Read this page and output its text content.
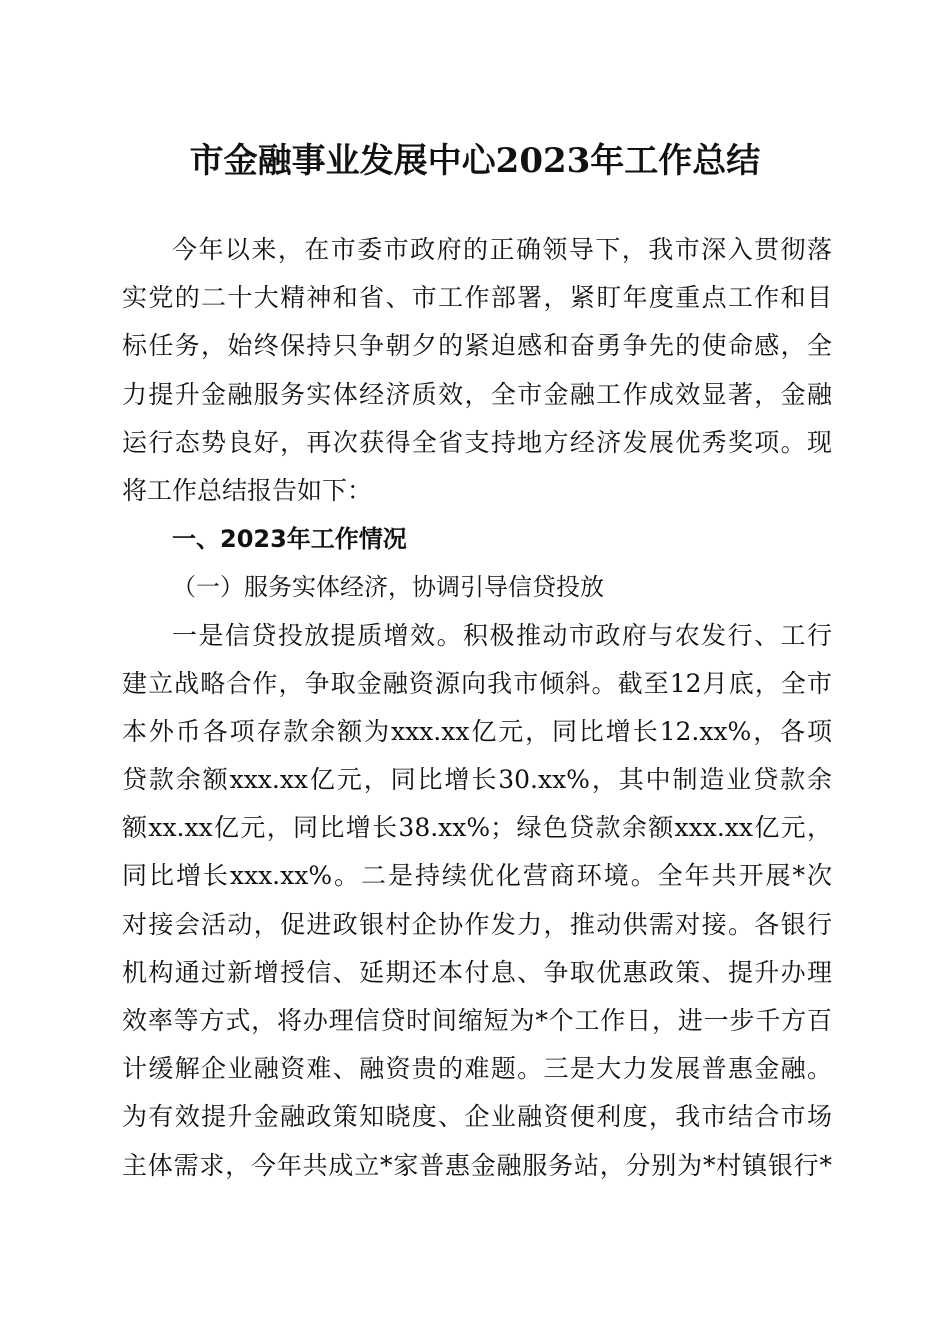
市金融事业发展中心2023年工作总结
今年以来，在市委市政府的正确领导下，我市深入贯彻落
实党的二十大精神和省、市工作部署，紧盯年度重点工作和目
标任务，始终保持只争朝夕的紧迫感和奋勇争先的使命感，全
力提升金融服务实体经济质效，全市金融工作成效显著，金融
运行态势良好，再次获得全省支持地方经济发展优秀奖项。现
将工作总结报告如下：
一、2023年工作情况
（一）服务实体经济，协调引导信贷投放
一是信贷投放提质增效。积极推动市政府与农发行、工行
建立战略合作，争取金融资源向我市倾斜。截至12月底，全市
本外币各项存款余额为xxx.xx亿元，同比增长12.xx%，各项
贷款余额xxx.xx亿元，同比增长30.xx%，其中制造业贷款余
额xx.xx亿元，同比增长38.xx%；绿色贷款余额xxx.xx亿元，
同比增长xxx.xx%。二是持续优化营商环境。全年共开展*次
对接会活动，促进政银村企协作发力，推动供需对接。各银行
机构通过新增授信、延期还本付息、争取优惠政策、提升办理
效率等方式，将办理信贷时间缩短为*个工作日，进一步千方百
计缓解企业融资难、融资贵的难题。三是大力发展普惠金融。
为有效提升金融政策知晓度、企业融资便利度，我市结合市场
主体需求，今年共成立*家普惠金融服务站，分别为*村镇银行*
